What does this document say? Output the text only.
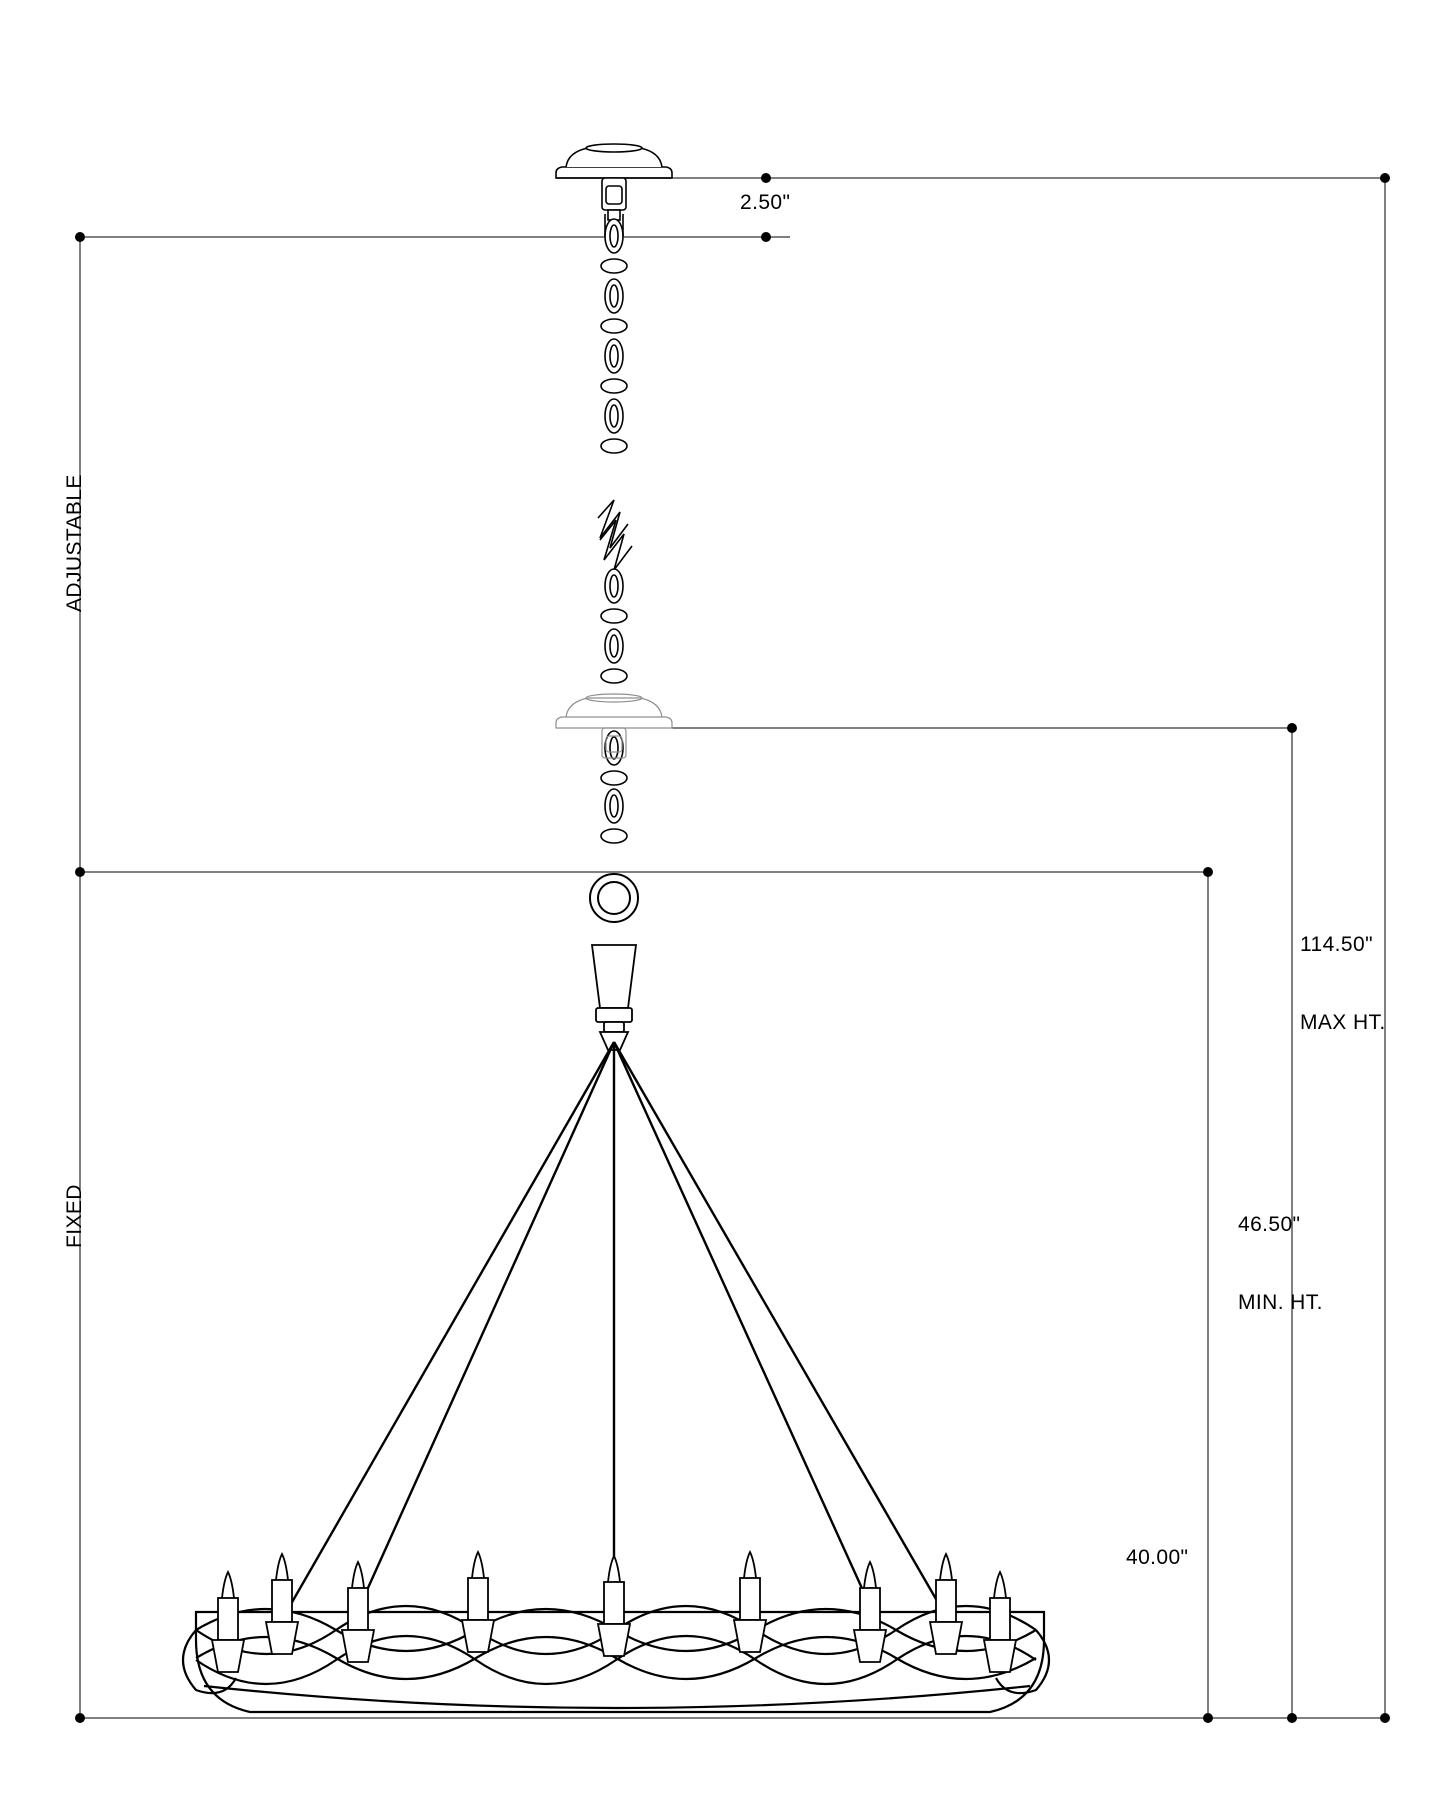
2.50"

114.50"

MAX HT.

46.50"

MIN. HT.

40.00"
ADJUSTABLE
FIXED
